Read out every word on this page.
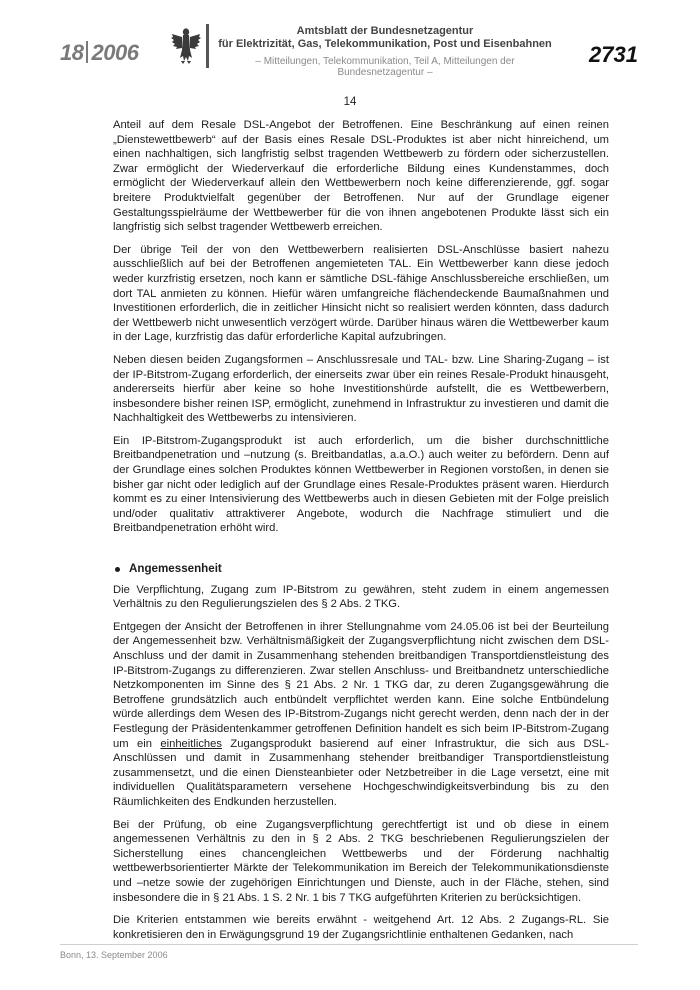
18 2006
Amtsblatt der Bundesnetzagentur
für Elektrizität, Gas, Telekommunikation, Post und Eisenbahnen
– Mitteilungen, Telekommunikation, Teil A, Mitteilungen der Bundesnetzagentur –
2731
14

Anteil auf dem Resale DSL-Angebot der Betroffenen. Eine Beschränkung auf einen reinen „Dienstewettbewerb“ auf der Basis eines Resale DSL-Produktes ist aber nicht hinreichend, um einen nachhaltigen, sich langfristig selbst tragenden Wettbewerb zu fördern oder sicherzustellen. Zwar ermöglicht der Wiederverkauf die erforderliche Bildung eines Kundenstammes, doch ermöglicht der Wiederverkauf allein den Wettbewerbern noch keine differenzierende, ggf. sogar breitere Produktvielfalt gegenüber der Betroffenen. Nur auf der Grundlage eigener Gestaltungsspielräume der Wettbewerber für die von ihnen angebotenen Produkte lässt sich ein langfristig sich selbst tragender Wettbewerb erreichen.

Der übrige Teil der von den Wettbewerbern realisierten DSL-Anschlüsse basiert nahezu ausschließlich auf bei der Betroffenen angemieteten TAL. Ein Wettbewerber kann diese jedoch weder kurzfristig ersetzen, noch kann er sämtliche DSL-fähige Anschlussbereiche erschließen, um dort TAL anmieten zu können. Hiefür wären umfangreiche flächendeckende Baumaßnahmen und Investitionen erforderlich, die in zeitlicher Hinsicht nicht so realisiert werden könnten, dass dadurch der Wettbewerb nicht unwesentlich verzögert würde. Darüber hinaus wären die Wettbewerber kaum in der Lage, kurzfristig das dafür erforderliche Kapital aufzubringen.

Neben diesen beiden Zugangsformen – Anschlussresale und TAL- bzw. Line Sharing-Zugang – ist der IP-Bitstrom-Zugang erforderlich, der einerseits zwar über ein reines Resale-Produkt hinausgeht, andererseits hierfür aber keine so hohe Investitionshürde aufstellt, die es Wettbewerbern, insbesondere bisher reinen ISP, ermöglicht, zunehmend in Infrastruktur zu investieren und damit die Nachhaltigkeit des Wettbewerbs zu intensivieren.

Ein IP-Bitstrom-Zugangsprodukt ist auch erforderlich, um die bisher durchschnittliche Breitbandpenetration und –nutzung (s. Breitbandatlas, a.a.O.) auch weiter zu befördern. Denn auf der Grundlage eines solchen Produktes können Wettbewerber in Regionen vorstoßen, in denen sie bisher gar nicht oder lediglich auf der Grundlage eines Resale-Produktes präsent waren. Hierdurch kommt es zu einer Intensivierung des Wettbewerbs auch in diesen Gebieten mit der Folge preislich und/oder qualitativ attraktiverer Angebote, wodurch die Nachfrage stimuliert und die Breitbandpenetration erhöht wird.

Angemessenheit

Die Verpflichtung, Zugang zum IP-Bitstrom zu gewähren, steht zudem in einem angemessen Verhältnis zu den Regulierungszielen des § 2 Abs. 2 TKG.

Entgegen der Ansicht der Betroffenen in ihrer Stellungnahme vom 24.05.06 ist bei der Beurteilung der Angemessenheit bzw. Verhältnismäßigkeit der Zugangsverpflichtung nicht zwischen dem DSL-Anschluss und der damit in Zusammenhang stehenden breitbandigen Transportdienstleistung des IP-Bitstrom-Zugangs zu differenzieren. Zwar stellen Anschluss- und Breitbandnetz unterschiedliche Netzkomponenten im Sinne des § 21 Abs. 2 Nr. 1 TKG dar, zu deren Zugangsgewährung die Betroffene grundsätzlich auch entbündelt verpflichtet werden kann. Eine solche Entbündelung würde allerdings dem Wesen des IP-Bitstrom-Zugangs nicht gerecht werden, denn nach der in der Festlegung der Präsidentenkammer getroffenen Definition handelt es sich beim IP-Bitstrom-Zugang um ein einheitliches Zugangsprodukt basierend auf einer Infrastruktur, die sich aus DSL-Anschlüssen und damit in Zusammenhang stehender breitbandiger Transportdienstleistung zusammensetzt, und die einen Diensteanbieter oder Netzbetreiber in die Lage versetzt, eine mit individuellen Qualitätsparametern versehene Hochgeschwindigkeitsverbindung bis zu den Räumlichkeiten des Endkunden herzustellen.

Bei der Prüfung, ob eine Zugangsverpflichtung gerechtfertigt ist und ob diese in einem angemessenen Verhältnis zu den in § 2 Abs. 2 TKG beschriebenen Regulierungszielen der Sicherstellung eines chancengleichen Wettbewerbs und der Förderung nachhaltig wettbewerbsorientierter Märkte der Telekommunikation im Bereich der Telekommunikationsdienste und –netze sowie der zugehörigen Einrichtungen und Dienste, auch in der Fläche, stehen, sind insbesondere die in § 21 Abs. 1 S. 2 Nr. 1 bis 7 TKG aufgeführten Kriterien zu berücksichtigen.

Die Kriterien entstammen wie bereits erwähnt - weitgehend Art. 12 Abs. 2 Zugangs-RL. Sie konkretisieren den in Erwägungsgrund 19 der Zugangsrichtlinie enthaltenen Gedanken, nach

Bonn, 13. September 2006
